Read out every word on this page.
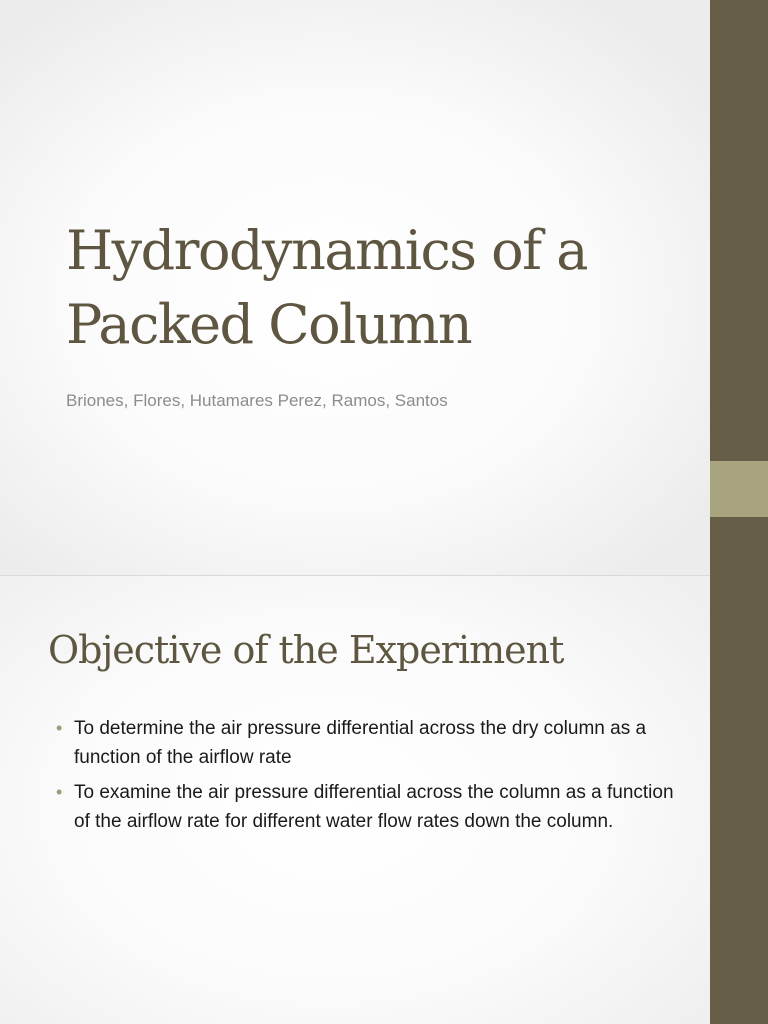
Hydrodynamics of a Packed Column

Briones, Flores, Hutamares Perez, Ramos, Santos

Objective of the Experiment
• To determine the air pressure differential across the dry column as a function of the airflow rate
• To examine the air pressure differential across the column as a function of the airflow rate for different water flow rates down the column.
